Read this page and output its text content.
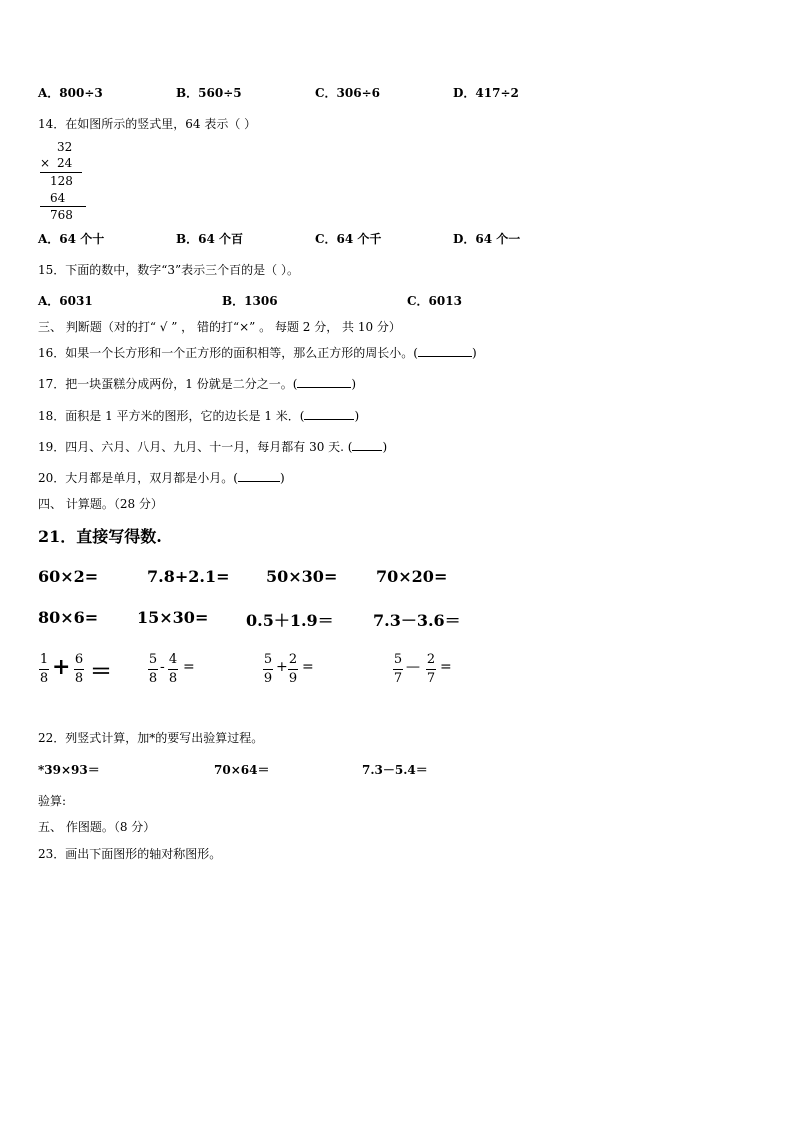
A．800÷3	B．560÷5	C．306÷6	D．417÷2
14．在如图所示的竖式里，64 表示（ ）
32
× 24
128
64
768
A．64 个十	B．64 个百	C．64 个千	D．64 个一
15．下面的数中，数字“3”表示三个百的是（ ）。
A．6031	B．1306	C．6013
三、 判断题（对的打“ √ ” ， 错的打“×” 。 每题 2 分， 共 10 分）
16．如果一个长方形和一个正方形的面积相等，那么正方形的周长小。(	)
17．把一块蛋糕分成两份，1 份就是二分之一。(	)
18．面积是 1 平方米的图形，它的边长是 1 米．(	)
19．四月、六月、八月、九月、十一月，每月都有 30 天. (	)
20．大月都是单月，双月都是小月。(	)
四、 计算题。（28 分）
21．直接写得数.
60×2=	7.8+2.1= 50×30= 70×20=
80×6= 15×30= 0.5＋1.9＝ 7.3－3.6＝
1
8 + 6
8 ＝	5
8
- 4
8
=	5
9
+ 2
9
=	5
7
— 2
7
=
22．列竖式计算，加*的要写出验算过程。
*39×93＝	70×64＝	7.3－5.4＝
验算:
五、 作图题。（8 分）
23．画出下面图形的轴对称图形。
